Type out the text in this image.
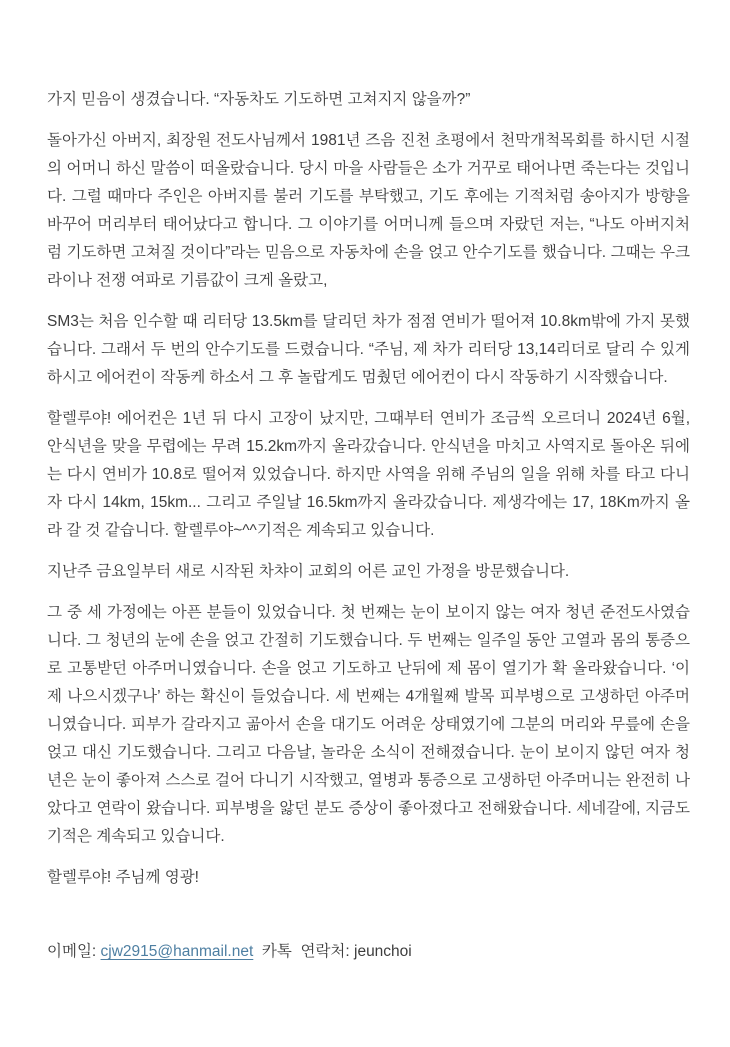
가지 믿음이 생겼습니다. “자동차도 기도하면 고쳐지지 않을까?”

돌아가신 아버지, 최장원 전도사님께서 1981년 즈음 진천 초평에서 천막개척목회를 하시던 시절의 어머니 하신 말씀이 떠올랐습니다. 당시 마을 사람들은 소가 거꾸로 태어나면 죽는다는 것입니다. 그럴 때마다 주인은 아버지를 불러 기도를 부탁했고, 기도 후에는 기적처럼 송아지가 방향을 바꾸어 머리부터 태어났다고 합니다. 그 이야기를 어머니께 들으며 자랐던 저는, “나도 아버지처럼 기도하면 고쳐질 것이다”라는 믿음으로 자동차에 손을 얹고 안수기도를 했습니다. 그때는 우크라이나 전쟁 여파로 기름값이 크게 올랐고,

SM3는 처음 인수할 때 리터당 13.5km를 달리던 차가 점점 연비가 떨어져 10.8km밖에 가지 못했습니다. 그래서 두 번의 안수기도를 드렸습니다. “주님, 제 차가 리터당 13,14리더로 달리 수 있게 하시고 에어컨이 작동케 하소서 그 후 놀랍게도 멈췄던 에어컨이 다시 작동하기 시작했습니다.

할렐루야! 에어컨은 1년 뒤 다시 고장이 났지만, 그때부터 연비가 조금씩 오르더니 2024년 6월, 안식년을 맞을 무렵에는 무려 15.2km까지 올라갔습니다. 안식년을 마치고 사역지로 돌아온 뒤에는 다시 연비가 10.8로 떨어져 있었습니다. 하지만 사역을 위해 주님의 일을 위해 차를 타고 다니자 다시 14km, 15km... 그리고 주일날 16.5km까지 올라갔습니다. 제생각에는 17, 18Km까지 올라 갈 것 같습니다. 할렐루야~^^기적은 계속되고 있습니다.

지난주 금요일부터 새로 시작된 차챠이 교회의 어른 교인 가정을 방문했습니다.

그 중 세 가정에는 아픈 분들이 있었습니다. 첫 번째는 눈이 보이지 않는 여자 청년 준전도사였습니다. 그 청년의 눈에 손을 얹고 간절히 기도했습니다. 두 번째는 일주일 동안 고열과 몸의 통증으로 고통받던 아주머니였습니다. 손을 얹고 기도하고 난뒤에 제 몸이 열기가 확 올라왔습니다. ‘이제 나으시겠구나’ 하는 확신이 들었습니다. 세 번째는 4개월째 발목 피부병으로 고생하던 아주머니였습니다. 피부가 갈라지고 곪아서 손을 대기도 어려운 상태였기에 그분의 머리와 무릎에 손을 얹고 대신 기도했습니다. 그리고 다음날, 놀라운 소식이 전해졌습니다. 눈이 보이지 않던 여자 청년은 눈이 좋아져 스스로 걸어 다니기 시작했고, 열병과 통증으로 고생하던 아주머니는 완전히 나았다고 연락이 왔습니다. 피부병을 앓던 분도 증상이 좋아졌다고 전해왔습니다. 세네갈에, 지금도 기적은 계속되고 있습니다.

할렐루야! 주님께 영광!

이메일: cjw2915@hanmail.net  카톡  연락처: jeunchoi
